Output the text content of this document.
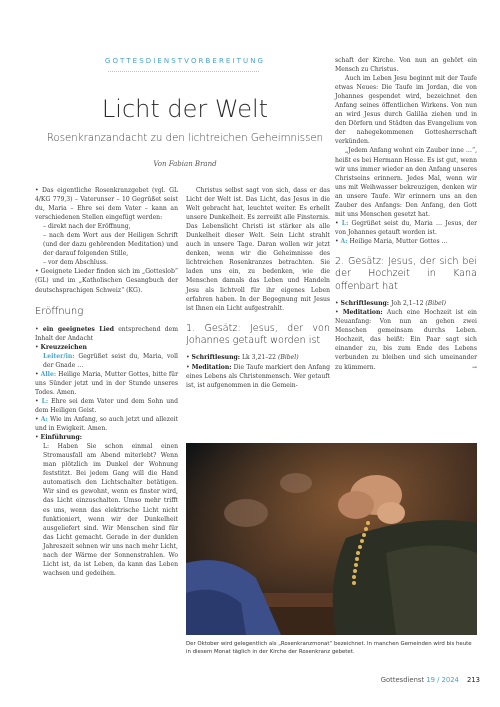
GOTTESDIENSTVORBEREITUNG
Licht der Welt
Rosenkranzandacht zu den lichtreichen Geheimnissen
Von Fabian Brand

• Das eigentliche Rosenkranzgebet (vgl. GL 4/KG 779,3) – Vaterunser – 10 Gegrüßet seist du, Maria – Ehre sei dem Vater – kann an verschiedenen Stellen eingefügt werden:

– direkt nach der Eröffnung,

– nach dem Wort aus der Heiligen Schrift (und der dazu gehörenden Meditation) und der darauf folgenden Stille,

– vor dem Abschluss.

• Geeignete Lieder finden sich im „Gotteslob“ (GL) und im „Katholischen Gesangbuch der deutschsprachigen Schweiz“ (KG).

Eröffnung

• ein geeignetes Lied entsprechend dem Inhalt der Andacht

• Kreuzzeichen

Leiter/in: Gegrüßet seist du, Maria, voll der Gnade …

• Alle: Heilige Maria, Mutter Gottes, bitte für uns Sünder jetzt und in der Stunde unseres Todes. Amen.

• L: Ehre sei dem Vater und dem Sohn und dem Heiligen Geist.

• A: Wie im Anfang, so auch jetzt und allezeit und in Ewigkeit. Amen.

• Einführung:

L: Haben Sie schon einmal einen Stromausfall am Abend miterlebt? Wenn man plötzlich im Dunkel der Wohnung feststitzt. Bei jedem Gang will die Hand automatisch den Lichtschalter betätigen. Wir sind es gewohnt, wenn es finster wird, das Licht einzuschalten. Umso mehr trifft es uns, wenn das elektrische Licht nicht funktioniert, wenn wir der Dunkelheit ausgeliefert sind. Wir Menschen sind für das Licht gemacht. Gerade in der dunklen Jahreszeit sehnen wir uns nach mehr Licht, nach der Wärme der Sonnenstrahlen. Wo Licht ist, da ist Leben, da kann das Leben wachsen und gedeihen.

Christus selbst sagt von sich, dass er das Licht der Welt ist. Das Licht, das Jesus in die Welt gebracht hat, leuchtet weiter. Es erhellt unsere Dunkelheit. Es zerreißt alle Finsternis. Das Lebenslicht Christi ist stärker als alle Dunkelheit dieser Welt. Sein Licht strahlt auch in unsere Tage. Daran wollen wir jetzt denken, wenn wir die Geheimnisse des lichtreichen Rosenkranzes betrachten. Sie laden uns ein, zu bedenken, wie die Menschen damals das Leben und Handeln Jesu als lichtvoll für ihr eigenes Leben erfahren haben. In der Begegnung mit Jesus ist Ihnen ein Licht aufgestrahlt.

1. Gesätz: Jesus, der von Johannes getauft worden ist

• Schriftlesung: Lk 3,21–22 (Bibel)

• Meditation: Die Taufe markiert den Anfang eines Lebens als Christenmensch. Wer getauft ist, ist aufgenommen in die Gemein-

schaft der Kirche. Von nun an gehört ein Mensch zu Christus.

Auch im Leben Jesu beginnt mit der Taufe etwas Neues: Die Taufe im Jordan, die von Johannes gespendet wird, bezeichnet den Anfang seines öffentlichen Wirkens. Von nun an wird Jesus durch Galiläa ziehen und in den Dörfern und Städten das Evangelium von der nahegekommenen Gottesherrschaft verkünden.

„Jedem Anfang wohnt ein Zauber inne …“, heißt es bei Hermann Hesse. Es ist gut, wenn wir uns immer wieder an den Anfang unseres Christseins erinnern. Jedes Mal, wenn wir uns mit Weihwasser bekreuzigen, denken wir an unsere Taufe. Wir erinnern uns an den Zauber des Anfangs: Den Anfang, den Gott mit uns Menschen gesetzt hat.

• L: Gegrüßet seist du, Maria … Jesus, der von Johannes getauft worden ist.

• A: Heilige Maria, Mutter Gottes …

2. Gesätz: Jesus, der sich bei der Hochzeit in Kana offenbart hat

• Schriftlesung: Joh 2,1–12 (Bibel)

• Meditation: Auch eine Hochzeit ist ein Neuanfang: Von nun an gehen zwei Menschen gemeinsam durchs Leben. Hochzeit, das heißt: Ein Paar sagt sich einander zu, bis zum Ende des Lebens verbunden zu bleiben und sich umeinander zu kümmern.	→

Der Oktober wird gelegentlich als „Rosenkranzmonat“ bezeichnet. In manchen Gemeinden wird bis heute in diesem Monat täglich in der Kirche der Rosenkranz gebetet.
Gottesdienst 19 / 2024 213
